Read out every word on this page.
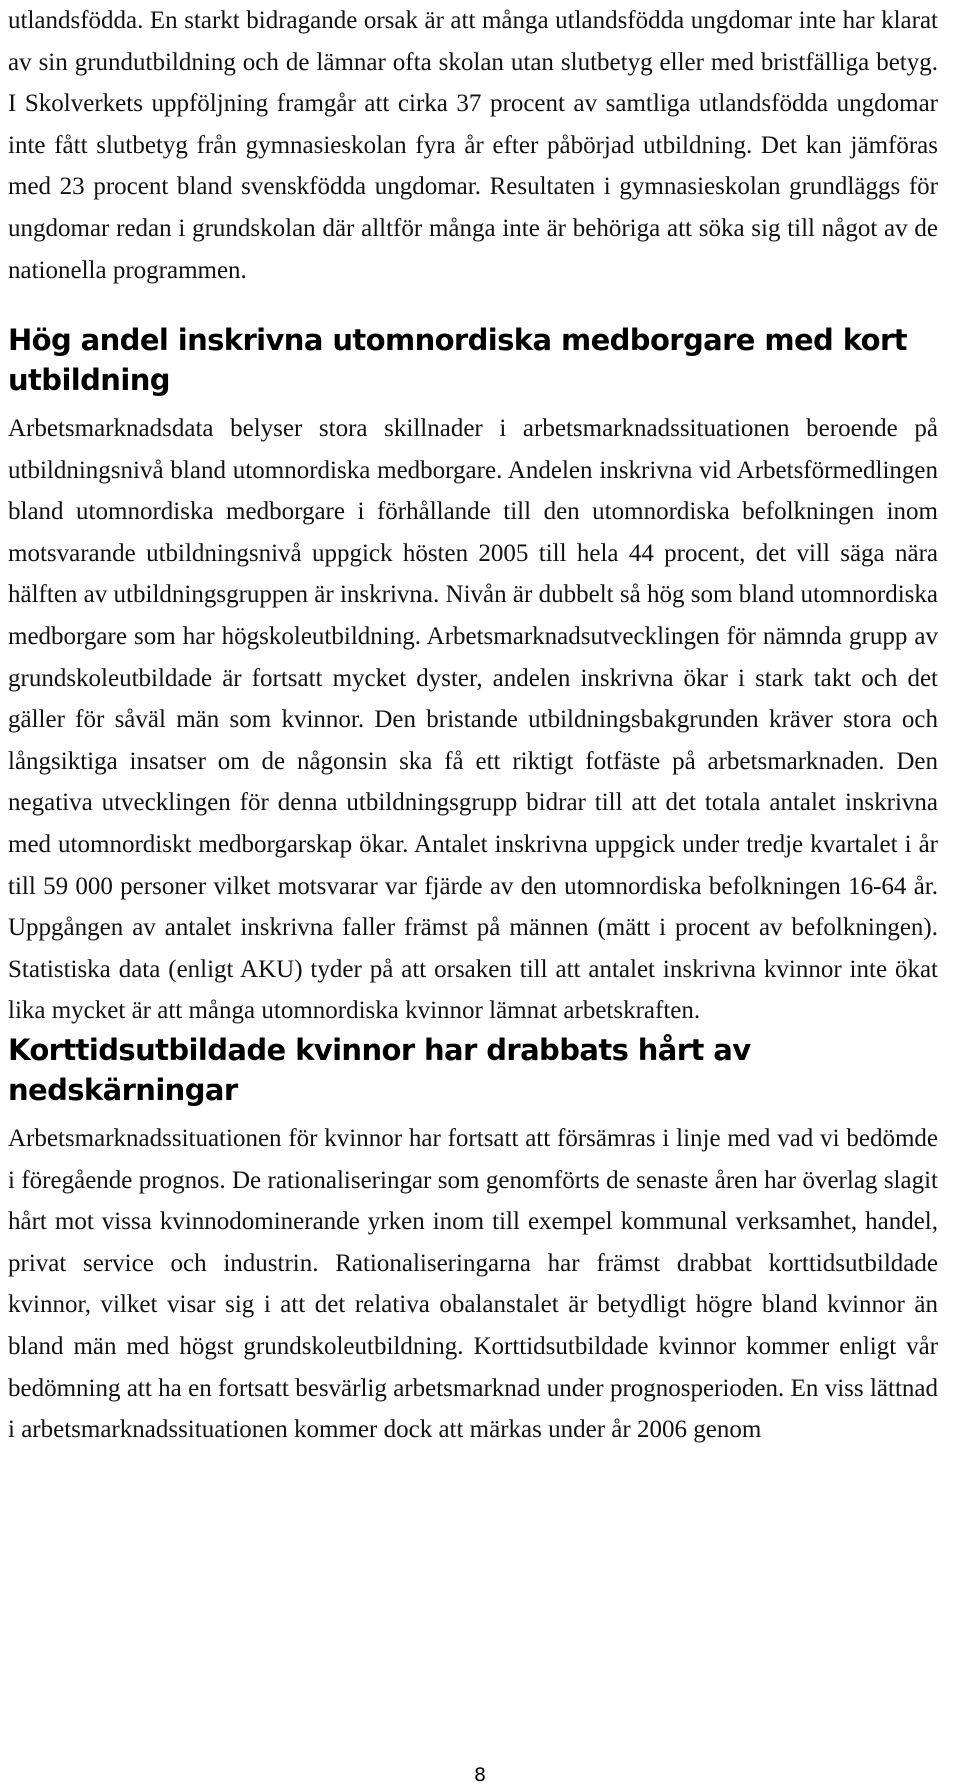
utlandsfödda. En starkt bidragande orsak är att många utlandsfödda ungdomar inte har klarat av sin grundutbildning och de lämnar ofta skolan utan slutbetyg eller med bristfälliga betyg. I Skolverkets uppföljning framgår att cirka 37 procent av samtliga utlandsfödda ungdomar inte fått slutbetyg från gymnasieskolan fyra år efter påbörjad utbildning. Det kan jämföras med 23 procent bland svenskfödda ungdomar. Resultaten i gymnasieskolan grundläggs för ungdomar redan i grundskolan där alltför många inte är behöriga att söka sig till något av de nationella programmen.

Hög andel inskrivna utomnordiska medborgare med kort utbildning

Arbetsmarknadsdata belyser stora skillnader i arbetsmarknadssituationen beroende på utbildningsnivå bland utomnordiska medborgare. Andelen inskrivna vid Arbetsförmedlingen bland utomnordiska medborgare i förhållande till den utomnordiska befolkningen inom motsvarande utbildningsnivå uppgick hösten 2005 till hela 44 procent, det vill säga nära hälften av utbildningsgruppen är inskrivna. Nivån är dubbelt så hög som bland utomnordiska medborgare som har högskoleutbildning. Arbetsmarknadsutvecklingen för nämnda grupp av grundskoleutbildade är fortsatt mycket dyster, andelen inskrivna ökar i stark takt och det gäller för såväl män som kvinnor. Den bristande utbildningsbakgrunden kräver stora och långsiktiga insatser om de någonsin ska få ett riktigt fotfäste på arbetsmarknaden. Den negativa utvecklingen för denna utbildningsgrupp bidrar till att det totala antalet inskrivna med utomnordiskt medborgarskap ökar. Antalet inskrivna uppgick under tredje kvartalet i år till 59 000 personer vilket motsvarar var fjärde av den utomnordiska befolkningen 16-64 år. Uppgången av antalet inskrivna faller främst på männen (mätt i procent av befolkningen). Statistiska data (enligt AKU) tyder på att orsaken till att antalet inskrivna kvinnor inte ökat lika mycket är att många utomnordiska kvinnor lämnat arbetskraften.

Korttidsutbildade kvinnor har drabbats hårt av nedskärningar

Arbetsmarknadssituationen för kvinnor har fortsatt att försämras i linje med vad vi bedömde i föregående prognos. De rationaliseringar som genomförts de senaste åren har överlag slagit hårt mot vissa kvinnodominerande yrken inom till exempel kommunal verksamhet, handel, privat service och industrin. Rationaliseringarna har främst drabbat korttidsutbildade kvinnor, vilket visar sig i att det relativa obalanstalet är betydligt högre bland kvinnor än bland män med högst grundskoleutbildning. Korttidsutbildade kvinnor kommer enligt vår bedömning att ha en fortsatt besvärlig arbetsmarknad under prognosperioden. En viss lättnad i arbetsmarknadssituationen kommer dock att märkas under år 2006 genom

8
